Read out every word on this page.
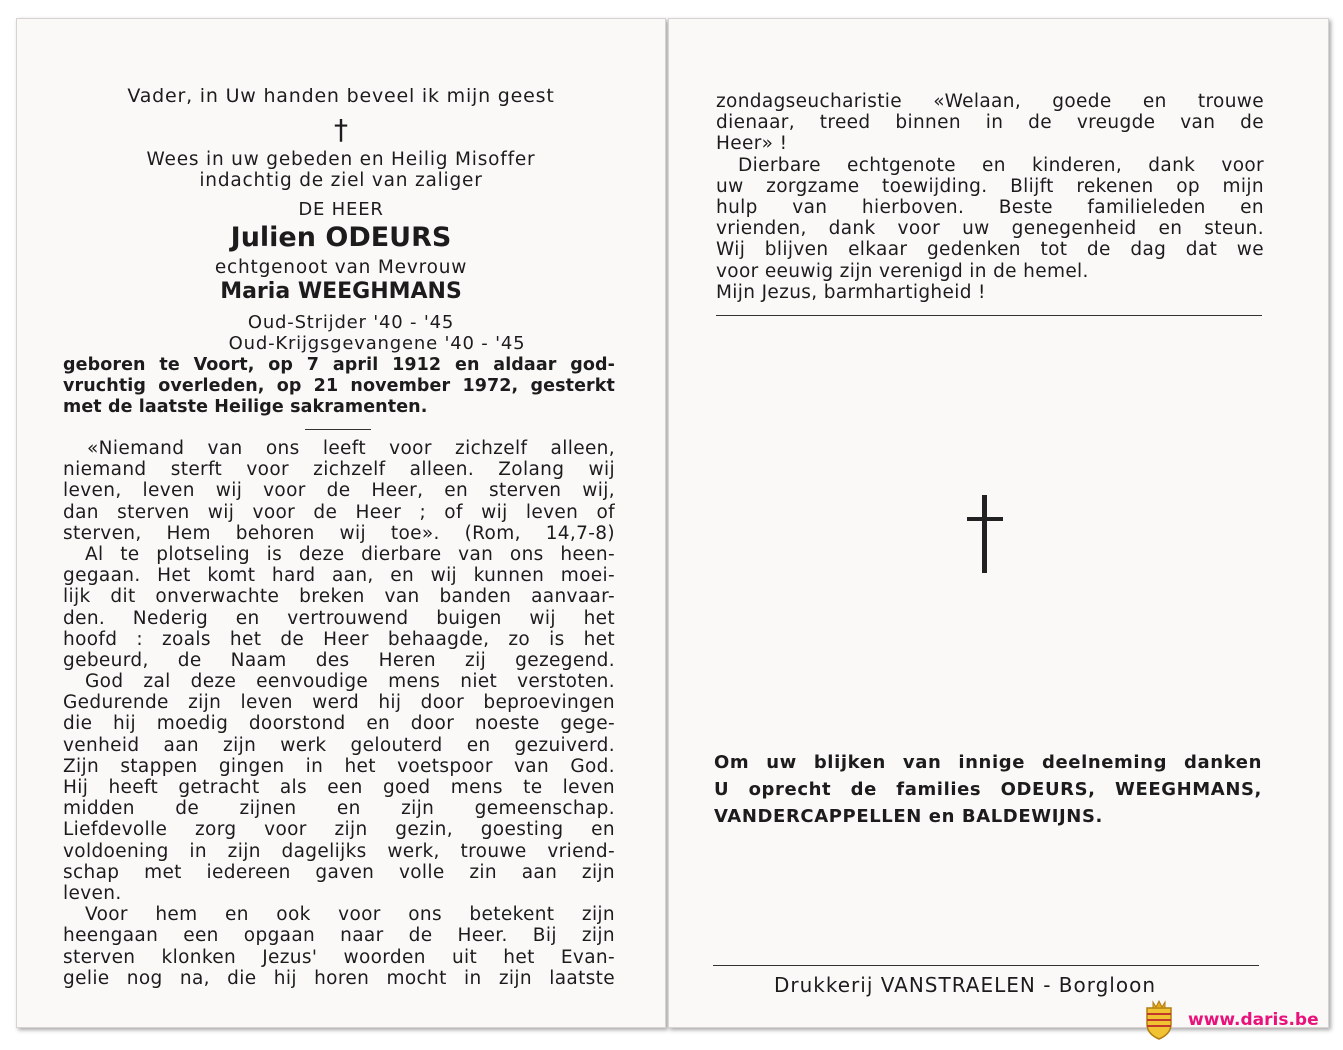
Vader, in Uw handen beveel ik mijn geest
†
Wees in uw gebeden en Heilig Misoffer
indachtig de ziel van zaliger
DE HEER
Julien ODEURS
echtgenoot van Mevrouw
Maria WEEGHMANS
Oud-Strijder '40 - '45
Oud-Krijgsgevangene '40 - '45
geboren te Voort, op 7 april 1912 en aldaar god-
vruchtig overleden, op 21 november 1972, gesterkt
met de laatste Heilige sakramenten.
«Niemand van ons leeft voor zichzelf alleen,
niemand sterft voor zichzelf alleen. Zolang wij
leven, leven wij voor de Heer, en sterven wij,
dan sterven wij voor de Heer ; of wij leven of
sterven, Hem behoren wij toe». (Rom, 14,7-8)
Al te plotseling is deze dierbare van ons heen-
gegaan. Het komt hard aan, en wij kunnen moei-
lijk dit onverwachte breken van banden aanvaar-
den. Nederig en vertrouwend buigen wij het
hoofd : zoals het de Heer behaagde, zo is het
gebeurd, de Naam des Heren zij gezegend.
God zal deze eenvoudige mens niet verstoten.
Gedurende zijn leven werd hij door beproevingen
die hij moedig doorstond en door noeste gege-
venheid aan zijn werk gelouterd en gezuiverd.
Zijn stappen gingen in het voetspoor van God.
Hij heeft getracht als een goed mens te leven
midden de zijnen en zijn gemeenschap.
Liefdevolle zorg voor zijn gezin, goesting en
voldoening in zijn dagelijks werk, trouwe vriend-
schap met iedereen gaven volle zin aan zijn
leven.
Voor hem en ook voor ons betekent zijn
heengaan een opgaan naar de Heer. Bij zijn
sterven klonken Jezus' woorden uit het Evan-
gelie nog na, die hij horen mocht in zijn laatste
zondagseucharistie «Welaan, goede en trouwe
dienaar, treed binnen in de vreugde van de
Heer» !
Dierbare echtgenote en kinderen, dank voor
uw zorgzame toewijding. Blijft rekenen op mijn
hulp van hierboven. Beste familieleden en
vrienden, dank voor uw genegenheid en steun.
Wij blijven elkaar gedenken tot de dag dat we
voor eeuwig zijn verenigd in de hemel.
Mijn Jezus, barmhartigheid !
Om uw blijken van innige deelneming danken
U oprecht de families ODEURS, WEEGHMANS,
VANDERCAPPELLEN en BALDEWIJNS.
Drukkerij VANSTRAELEN - Borgloon
www.daris.be
